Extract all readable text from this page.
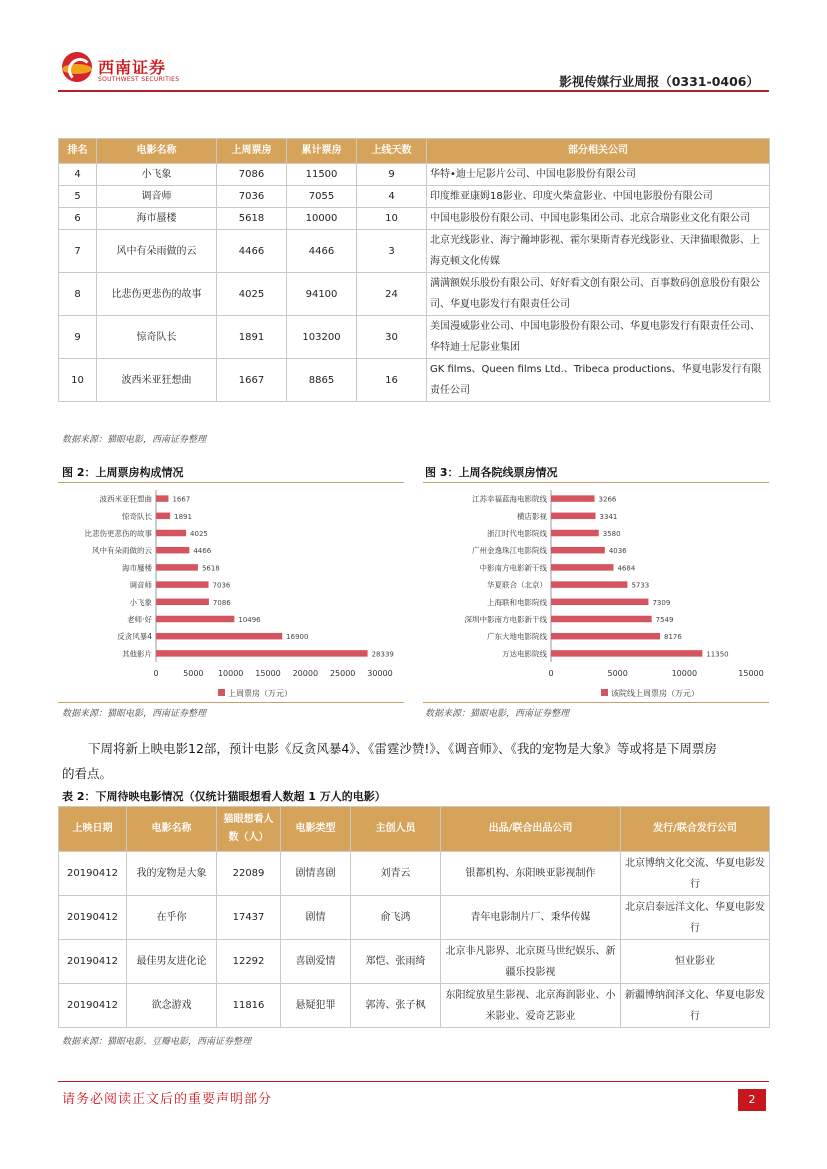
西南证券
SOUTHWEST SECURITIES	影视传媒行业周报（0331-0406）
排名	电影名称	上周票房	累计票房	上线天数	部分相关公司
4	小飞象	7086	11500	9	华特•迪士尼影片公司、中国电影股份有限公司
5	调音师	7036	7055	4	印度维亚康姆18影业、印度火柴盒影业、中国电影股份有限公司
6	海市蜃楼	5618	10000	10	中国电影股份有限公司、中国电影集团公司、北京合瑞影业文化有限公司
7	风中有朵雨做的云	4466	4466	3	北京光线影业、海宁瀚坤影视、霍尔果斯青春光线影业、天津猫眼微影、上海克顿文化传媒
8	比悲伤更悲伤的故事	4025	94100	24	满满额娱乐股份有限公司、好好看文创有限公司、百事数码创意股份有限公司、华夏电影发行有限责任公司
9	惊奇队长	1891	103200	30	美国漫威影业公司、中国电影股份有限公司、华夏电影发行有限责任公司、华特迪士尼影业集团
10	波西米亚狂想曲	1667	8865	16	GK films、Queen films Ltd.、Tribeca productions、华夏电影发行有限责任公司
数据来源：猫眼电影，西南证券整理
图 2：上周票房构成情况	图 3：上周各院线票房情况
波西米亚狂想曲	1667
惊奇队长	1891
比悲伤更悲伤的故事	4025
风中有朵雨做的云	4466
海市蜃楼	5618
调音师	7036
小飞象	7086
老师·好	10496
反贪风暴4	16900
其他影片	28339
0	5000 10000 15000 20000 25000 30000
上周票房（万元）
江苏幸福蓝海电影院线	3266
横店影视	3341
浙江时代电影院线	3580
广州金逸珠江电影院线	4036
中影南方电影新干线	4684
华夏联合（北京）	5733
上海联和电影院线	7309
深圳中影南方电影新干线	7549
广东大地电影院线	8176
万达电影院线	11350
0	5000	10000	15000
该院线上周票房（万元）
数据来源：猫眼电影，西南证券整理	数据来源：猫眼电影，西南证券整理
下周将新上映电影12部，预计电影《反贪风暴4》、《雷霆沙赞!》、《调音师》、《我的宠物是大象》等或将是下周票房的看点。
表 2：下周待映电影情况（仅统计猫眼想看人数超 1 万人的电影）
上映日期	电影名称	猫眼想看人数（人）	电影类型	主创人员	出品/联合出品公司	发行/联合发行公司
20190412	我的宠物是大象	22089	剧情喜剧	刘青云	银都机构、东阳映亚影视制作	北京博纳文化交流、华夏电影发行
20190412	在乎你	17437	剧情	俞飞鸿	青年电影制片厂、秉华传媒	北京启泰远洋文化、华夏电影发行
20190412	最佳男友进化论	12292	喜剧爱情	郑恺、张雨绮	北京非凡影界、北京斑马世纪娱乐、新疆乐投影视	恒业影业
20190412	欲念游戏	11816	悬疑犯罪	郭涛、张子枫	东阳绽放星生影视、北京海润影业、小米影业、爱奇艺影业	新疆博纳润泽文化、华夏电影发行
数据来源：猫眼电影、豆瓣电影，西南证券整理
请务必阅读正文后的重要声明部分	2
